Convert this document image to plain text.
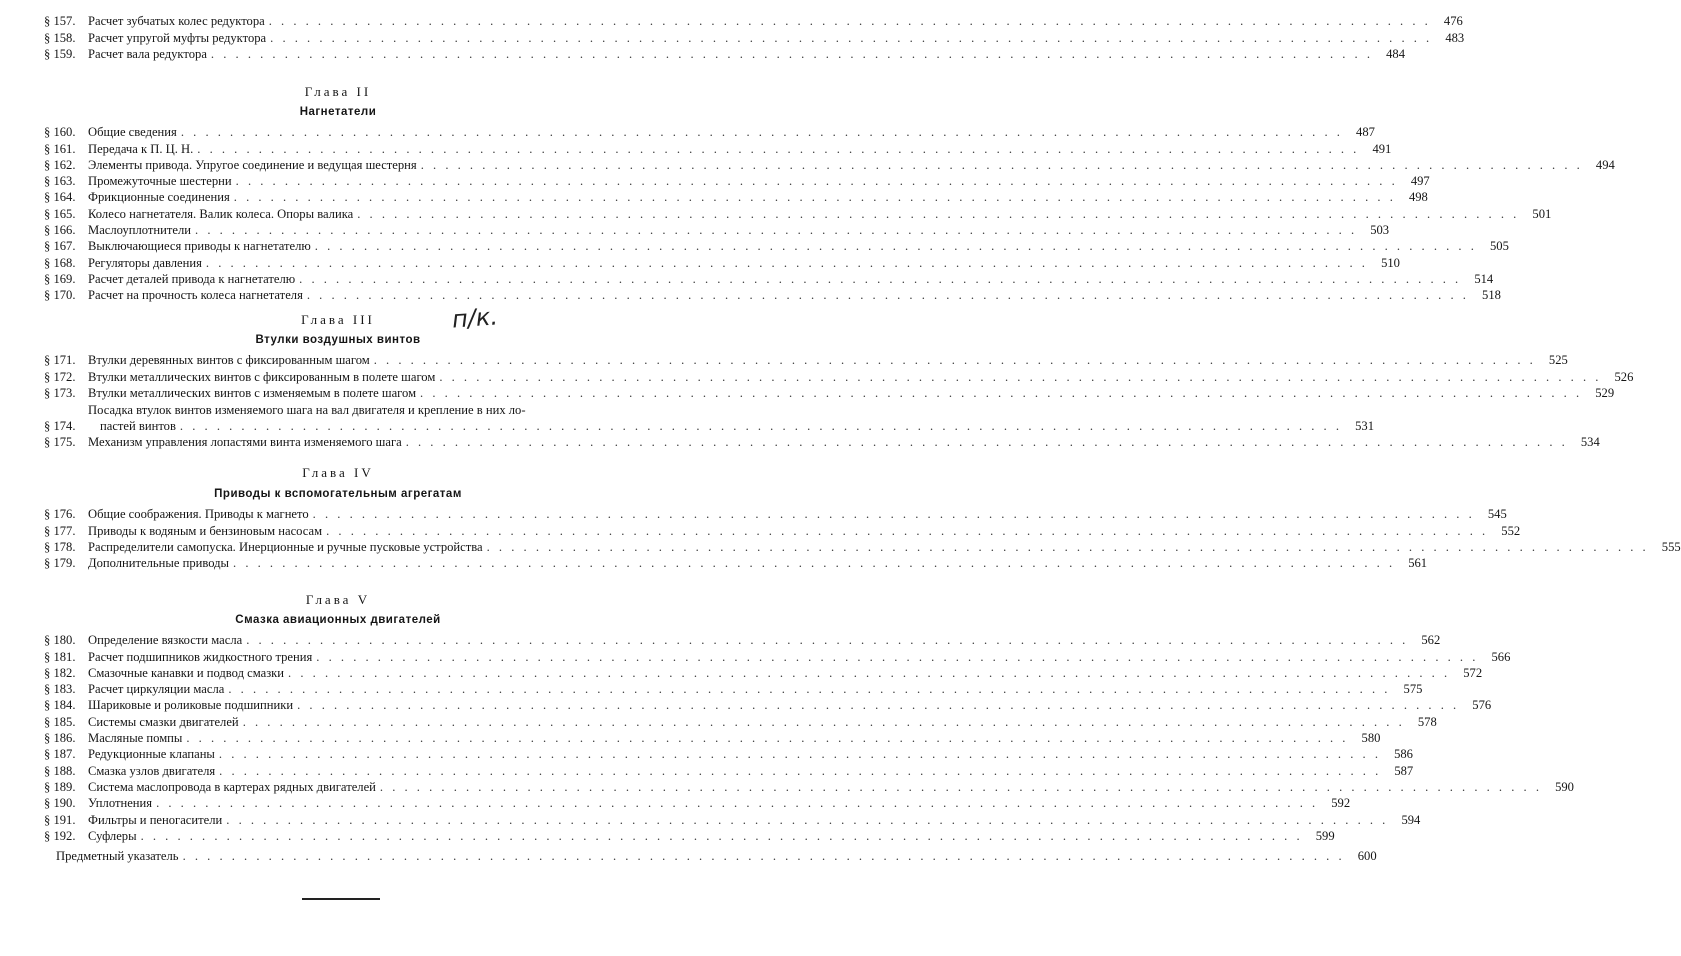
§ 157. Расчет зубчатых колес редуктора . . .	476
§ 158. Расчет упругой муфты редуктора . . .	483
§ 159. Расчет вала редуктора . . .	484
Глава II
Нагнетатели
§ 160. Общие сведения . . .	487
§ 161. Передача к П. Ц. Н. . . .	491
§ 162. Элементы привода. Упругое соединение и ведущая шестерня . . .	494
§ 163. Промежуточные шестерни . . .	497
§ 164. Фрикционные соединения . . .	498
§ 165. Колесо нагнетателя. Валик колеса. Опоры валика . . .	501
§ 166. Маслоуплотнители . . .	503
§ 167. Выключающиеся приводы к нагнетателю . . .	505
§ 168. Регуляторы давления . . .	510
§ 169. Расчет деталей привода к нагнетателю . . .	514
§ 170. Расчет на прочность колеса нагнетателя . . .	518
Глава III	п/к.
Втулки воздушных винтов
§ 171. Втулки деревянных винтов с фиксированным шагом . . .	525
§ 172. Втулки металлических винтов с фиксированным в полете шагом . . .	526
§ 173. Втулки металлических винтов с изменяемым в полете шагом . . .	529
§ 174.
Посадка втулок винтов изменяемого шага на вал двигателя и крепление в них ло-
пастей винтов . . .	531
§ 175. Механизм управления лопастями винта изменяемого шага . . .	534
Глава IV
Приводы к вспомогательным агрегатам
§ 176. Общие соображения. Приводы к магнето . . .	545
§ 177. Приводы к водяным и бензиновым насосам . . .	552
§ 178. Распределители самопуска. Инерционные и ручные пусковые устройства . . .	555
§ 179. Дополнительные приводы . . .	561
Глава V
Смазка авиационных двигателей
§ 180. Определение вязкости масла . . .	562
§ 181. Расчет подшипников жидкостного трения . . .	566
§ 182. Смазочные канавки и подвод смазки . . .	572
§ 183. Расчет циркуляции масла . . .	575
§ 184. Шариковые и роликовые подшипники . . .	576
§ 185. Системы смазки двигателей . . .	578
§ 186. Масляные помпы . . .	580
§ 187. Редукционные клапаны . . .	586
§ 188. Смазка узлов двигателя . . .	587
§ 189. Система маслопровода в картерах рядных двигателей . . .	590
§ 190. Уплотнения . . .	592
§ 191. Фильтры и пеногасители . . .	594
§ 192. Суфлеры . . .	599
Предметный указатель . . .	600
